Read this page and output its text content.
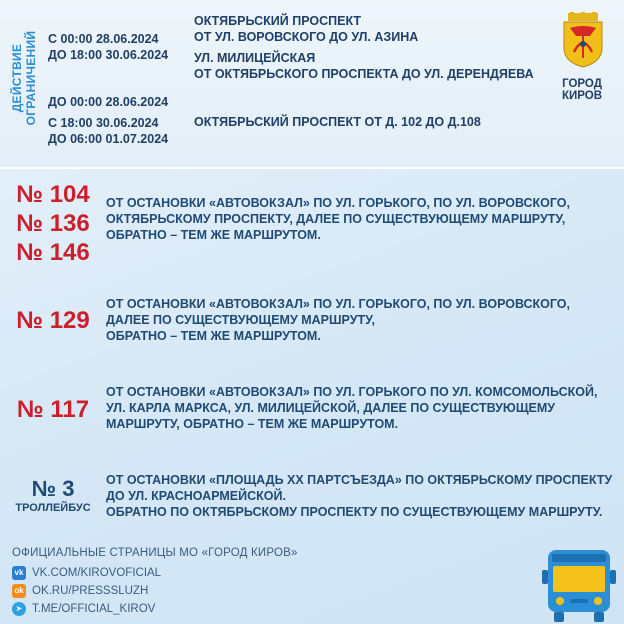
ДЕЙСТВИЕ
ОГРАНИЧЕНИЙ С 00:00 28.06.2024
ДО 18:00 30.06.2024
ОКТЯБРЬСКИЙ ПРОСПЕКТ
ОТ УЛ. ВОРОВСКОГО ДО УЛ. АЗИНА
УЛ. МИЛИЦЕЙСКАЯ
ОТ ОКТЯБРЬСКОГО ПРОСПЕКТА ДО УЛ. ДЕРЕНДЯЕВА
ДО 00:00 28.06.2024
С 18:00 30.06.2024
ДО 06:00 01.07.2024
ОКТЯБРЬСКИЙ ПРОСПЕКТ ОТ Д. 102 ДО Д.108
ГОРОД
КИРОВ
№ 104
№ 136
№ 146
ОТ ОСТАНОВКИ «АВТОВОКЗАЛ» ПО УЛ. ГОРЬКОГО, ПО УЛ. ВОРОВСКОГО,
ОКТЯБРЬСКОМУ ПРОСПЕКТУ, ДАЛЕЕ ПО СУЩЕСТВУЮЩЕМУ МАРШРУТУ,
ОБРАТНО – ТЕМ ЖЕ МАРШРУТОМ.
№ 129
ОТ ОСТАНОВКИ «АВТОВОКЗАЛ» ПО УЛ. ГОРЬКОГО, ПО УЛ. ВОРОВСКОГО,
ДАЛЕЕ ПО СУЩЕСТВУЮЩЕМУ МАРШРУТУ,
ОБРАТНО – ТЕМ ЖЕ МАРШРУТОМ.
№ 117
ОТ ОСТАНОВКИ «АВТОВОКЗАЛ» ПО УЛ. ГОРЬКОГО ПО УЛ. КОМСОМОЛЬСКОЙ,
УЛ. КАРЛА МАРКСА, УЛ. МИЛИЦЕЙСКОЙ, ДАЛЕЕ ПО СУЩЕСТВУЮЩЕМУ
МАРШРУТУ, ОБРАТНО – ТЕМ ЖЕ МАРШРУТОМ.
№ 3
ТРОЛЛЕЙБУС
ОТ ОСТАНОВКИ «ПЛОЩАДЬ XX ПАРТСЪЕЗДА» ПО ОКТЯБРЬСКОМУ ПРОСПЕКТУ
ДО УЛ. КРАСНОАРМЕЙСКОЙ.
ОБРАТНО ПО ОКТЯБРЬСКОМУ ПРОСПЕКТУ ПО СУЩЕСТВУЮЩЕМУ МАРШРУТУ.
ОФИЦИАЛЬНЫЕ СТРАНИЦЫ МО «ГОРОД КИРОВ»
vk VK.COM/KIROVOFICIAL
ok OK.RU/PRESSSLUZH
➤ T.ME/OFFICIAL_KIROV
